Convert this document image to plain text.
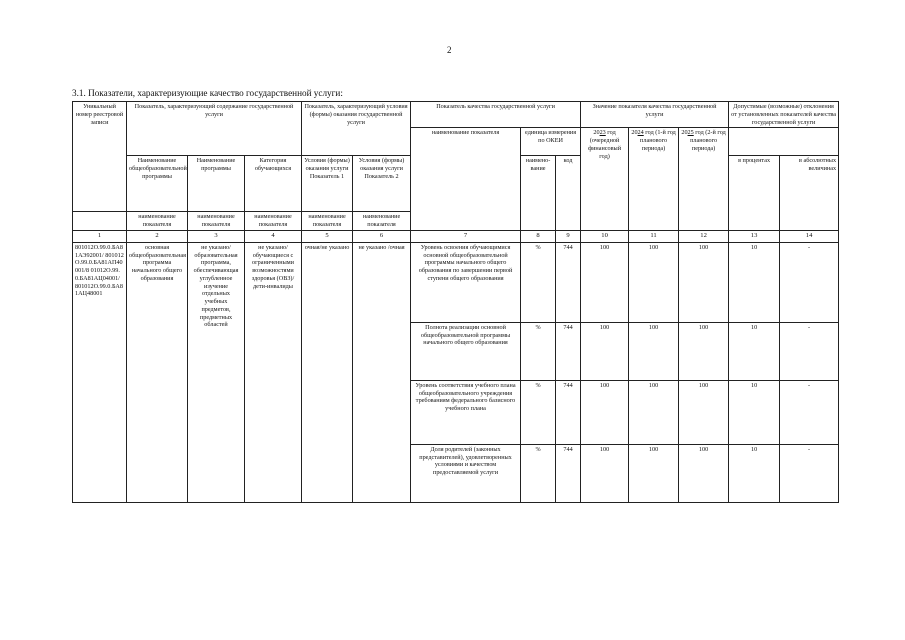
2
3.1. Показатели, характеризующие качество государственной услуги:
Уникальный номер реестровой записи	Показатель, характеризующий содержание государственной услуги			Показатель, характеризующий условия (формы) оказания государственной услуги		Показатель качества государственной услуги			Значение показателя качества государственной услуги			Допустимые (возможные) отклонения от установленных показателей качества государственной услуги	
						наименование показателя	единица измерения по ОКЕИ		2023 год (очередной финансовый год)	2024 год (1-й год планового периода)	2025 год (2-й год планового периода)		
	Наименование общеобразовательной программы	Наименование программы	Категория обучающихся	Условия (формы) оказания услуги Показатель 1	Условия (формы) оказания услуги Показатель 2		наимено-вание	код				в процентах	в абсолютных величинах
	наименование показателя	наименование показателя	наименование показателя	наименование показателя	наименование показателя								
1	2	3	4	5	6	7	8	9	10	11	12	13	14
801012О.99.0.БА81АЭ92001/ 801012О.99.0.БА81АП40001/8 01012О.99.0.БА81АЦ04001/ 801012О.99.0.БА81АЦ48001	основная общеобразовательная программа начального общего образования	не указано/ образовательная программа, обеспечивающая углубленное изучение отдельных учебных предметов, предметных областей	не указано/обучающиеся с ограниченными возможностями здоровья (ОВЗ)/дети-инвалиды	очная/не указано	не указано /очная	Уровень освоения обучающимися основной общеобразовательной программы начального общего образования по завершении первой ступени общего образования	%	744	100	100	100	10	-
						Полнота реализации основной общеобразовательной программы начального общего образования	%	744	100	100	100	10	-
						Уровень соответствия учебного плана общеобразовательного учреждения требованиям федерального базисного учебного плана	%	744	100	100	100	10	-
						Доля родителей (законных представителей), удовлетворенных условиями и качеством предоставляемой услуги	%	744	100	100	100	10	-
